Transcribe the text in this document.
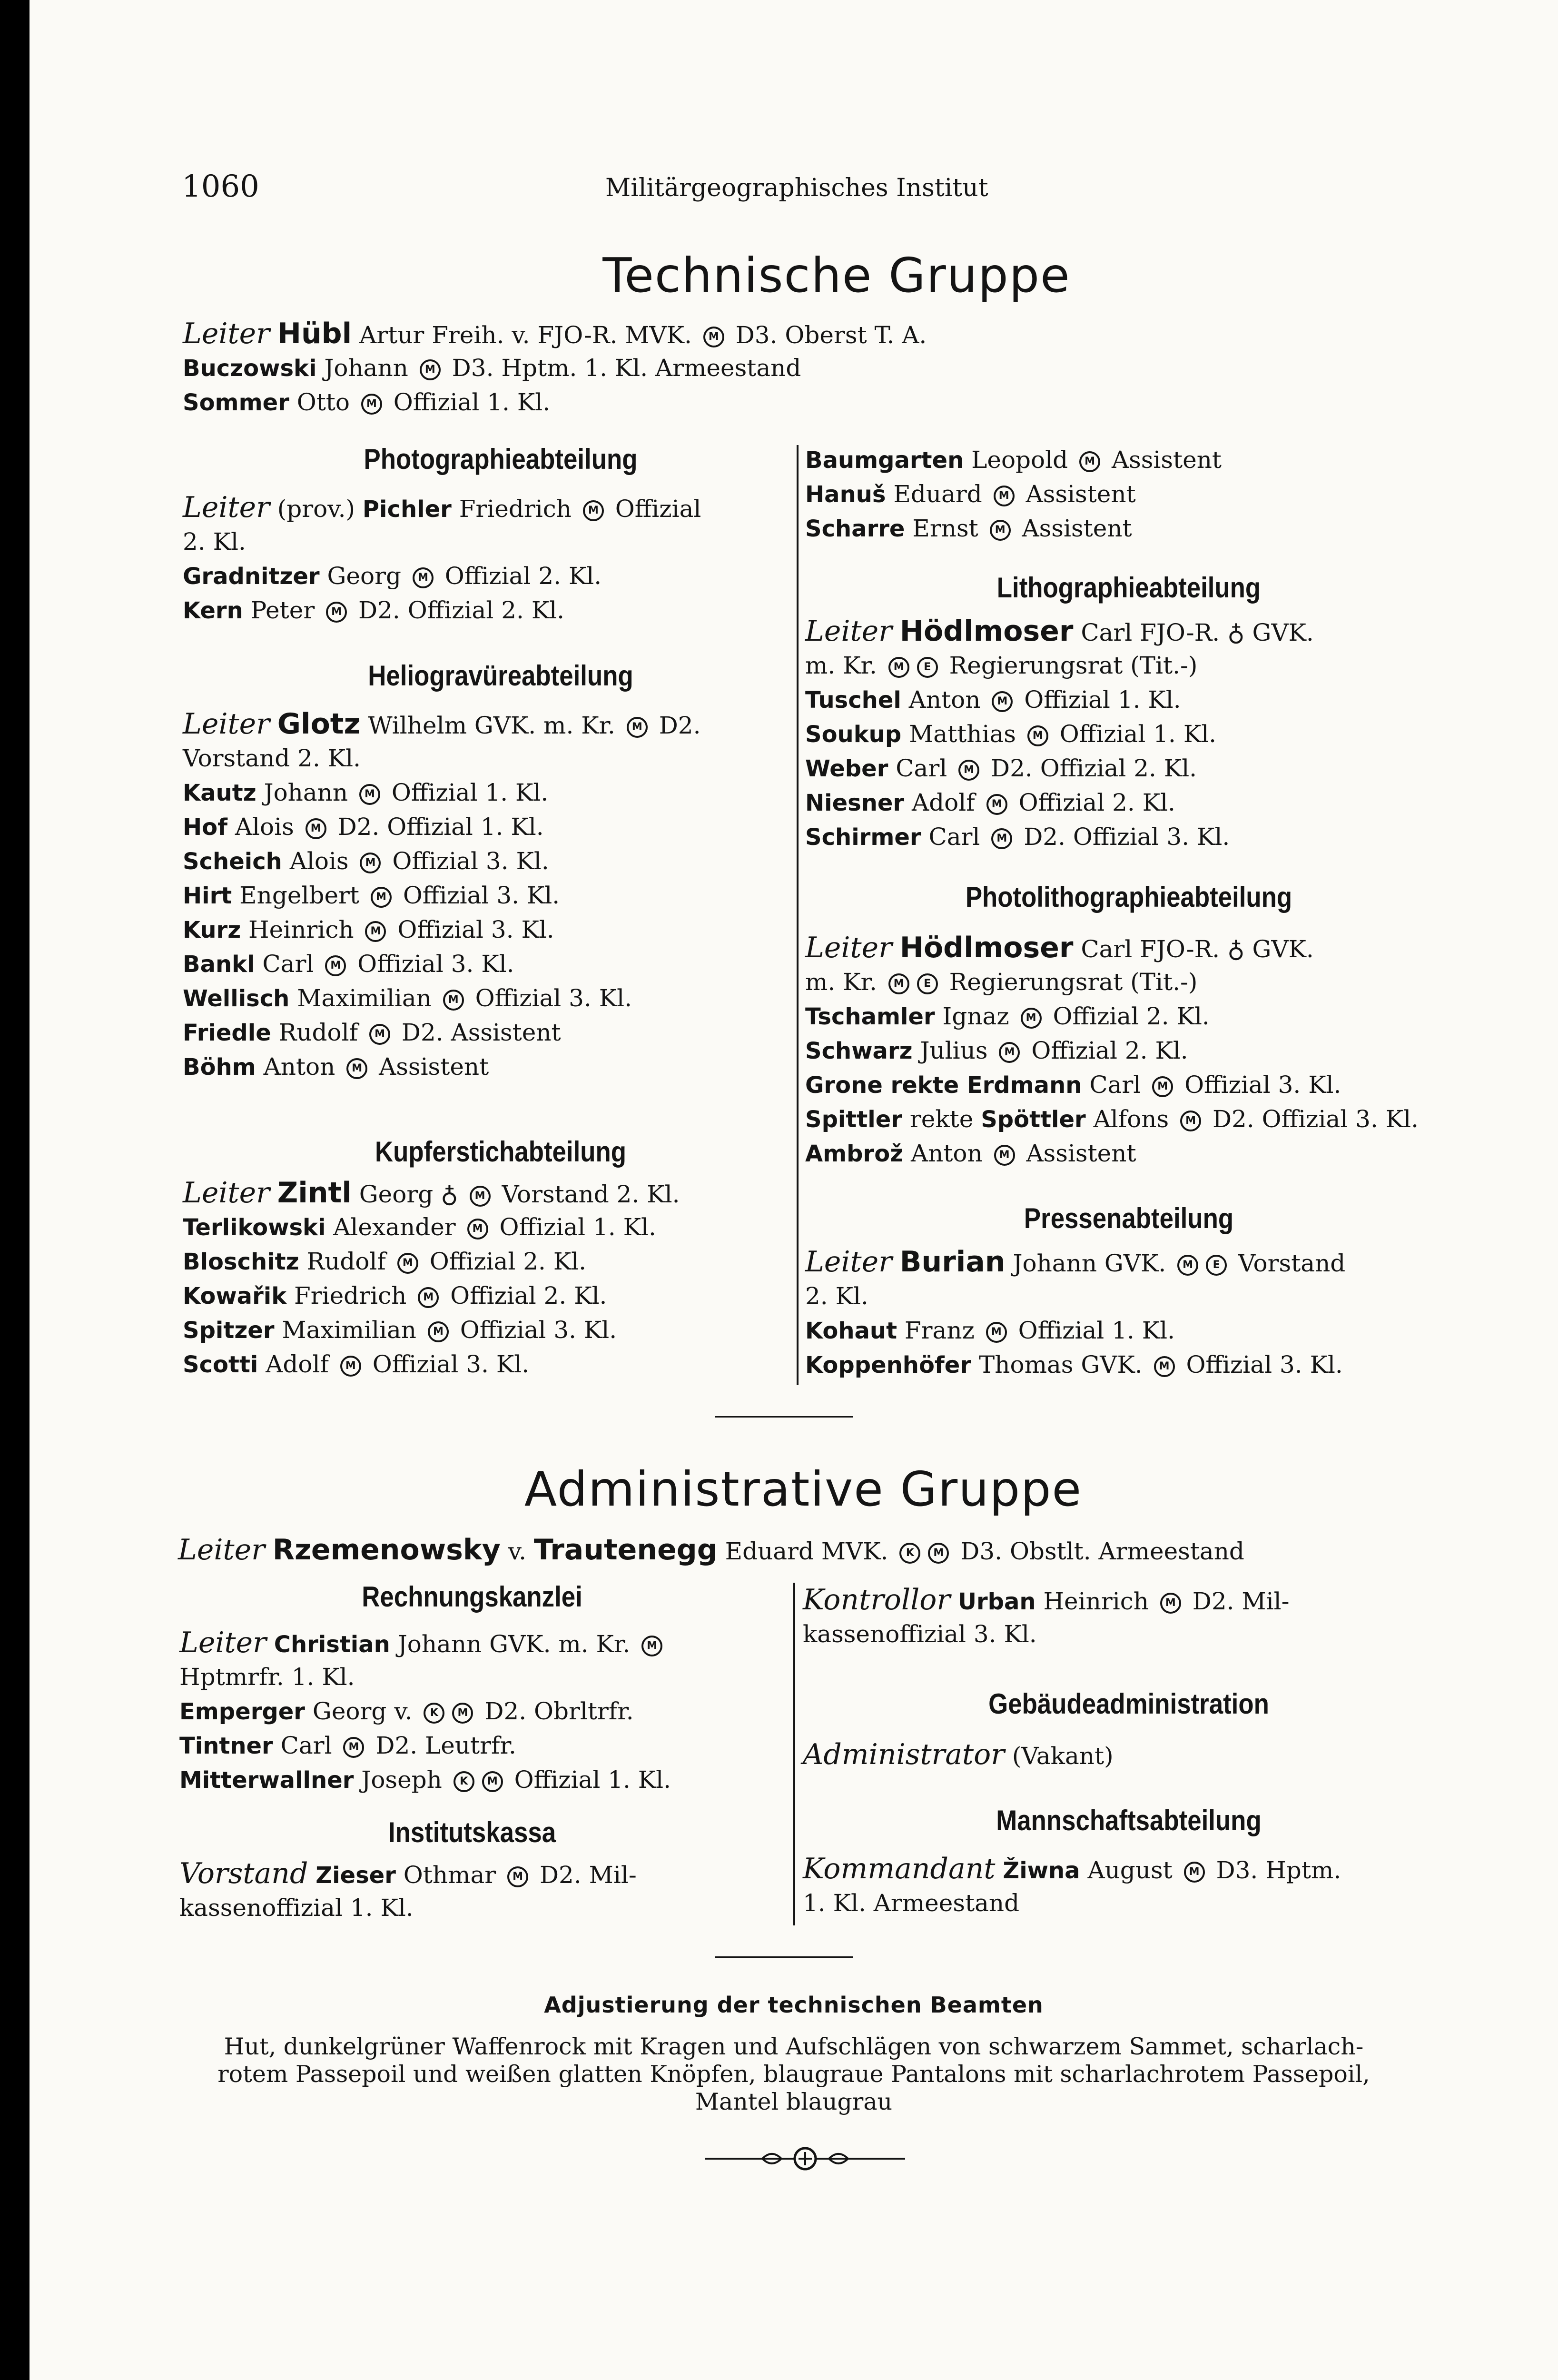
1060	Militärgeographisches Institut
Technische Gruppe
Leiter Hübl Artur Freih. v. FJO-R. MVK. M D3. Oberst T. A.
Buczowski Johann M D3. Hptm. 1. Kl. Armeestand
Sommer Otto M Offizial 1. Kl.
Photographieabteilung
Leiter (prov.) Pichler Friedrich M Offizial
2. Kl.
Gradnitzer Georg M Offizial 2. Kl.
Kern Peter M D2. Offizial 2. Kl.
Heliogravüreabteilung
Leiter Glotz Wilhelm GVK. m. Kr. M D2.
Vorstand 2. Kl.
Kautz Johann M Offizial 1. Kl.
Hof Alois M D2. Offizial 1. Kl.
Scheich Alois M Offizial 3. Kl.
Hirt Engelbert M Offizial 3. Kl.
Kurz Heinrich M Offizial 3. Kl.
Bankl Carl M Offizial 3. Kl.
Wellisch Maximilian M Offizial 3. Kl.
Friedle Rudolf M D2. Assistent
Böhm Anton M Assistent
Kupferstichabteilung
Leiter Zintl Georg ♁ M Vorstand 2. Kl.
Terlikowski Alexander M Offizial 1. Kl.
Bloschitz Rudolf M Offizial 2. Kl.
Kowařik Friedrich M Offizial 2. Kl.
Spitzer Maximilian M Offizial 3. Kl.
Scotti Adolf M Offizial 3. Kl.
Baumgarten Leopold M Assistent
Hanuš Eduard M Assistent
Scharre Ernst M Assistent
Lithographieabteilung
Leiter Hödlmoser Carl FJO-R. ♁ GVK.
m. Kr. M E Regierungsrat (Tit.-)
Tuschel Anton M Offizial 1. Kl.
Soukup Matthias M Offizial 1. Kl.
Weber Carl M D2. Offizial 2. Kl.
Niesner Adolf M Offizial 2. Kl.
Schirmer Carl M D2. Offizial 3. Kl.
Photolithographieabteilung
Leiter Hödlmoser Carl FJO-R. ♁ GVK.
m. Kr. M E Regierungsrat (Tit.-)
Tschamler Ignaz M Offizial 2. Kl.
Schwarz Julius M Offizial 2. Kl.
Grone rekte Erdmann Carl M Offizial 3. Kl.
Spittler rekte Spöttler Alfons M D2. Offizial 3. Kl.
Ambrož Anton M Assistent
Pressenabteilung
Leiter Burian Johann GVK. M E Vorstand
2. Kl.
Kohaut Franz M Offizial 1. Kl.
Koppenhöfer Thomas GVK. M Offizial 3. Kl.
Administrative Gruppe
Leiter Rzemenowsky v. Trautenegg Eduard MVK. K M D3. Obstlt. Armeestand
Rechnungskanzlei
Leiter Christian Johann GVK. m. Kr. M
Hptmrfr. 1. Kl.
Emperger Georg v. K M D2. Obrltrfr.
Tintner Carl M D2. Leutrfr.
Mitterwallner Joseph K M Offizial 1. Kl.
Institutskassa
Vorstand Zieser Othmar M D2. Mil-
kassenoffizial 1. Kl.
Kontrollor Urban Heinrich M D2. Mil-
kassenoffizial 3. Kl.
Gebäudeadministration
Administrator (Vakant)
Mannschaftsabteilung
Kommandant Žiwna August M D3. Hptm.
1. Kl. Armeestand
Adjustierung der technischen Beamten
Hut, dunkelgrüner Waffenrock mit Kragen und Aufschlägen von schwarzem Sammet, scharlach-
rotem Passepoil und weißen glatten Knöpfen, blaugraue Pantalons mit scharlachrotem Passepoil,
Mantel blaugrau
